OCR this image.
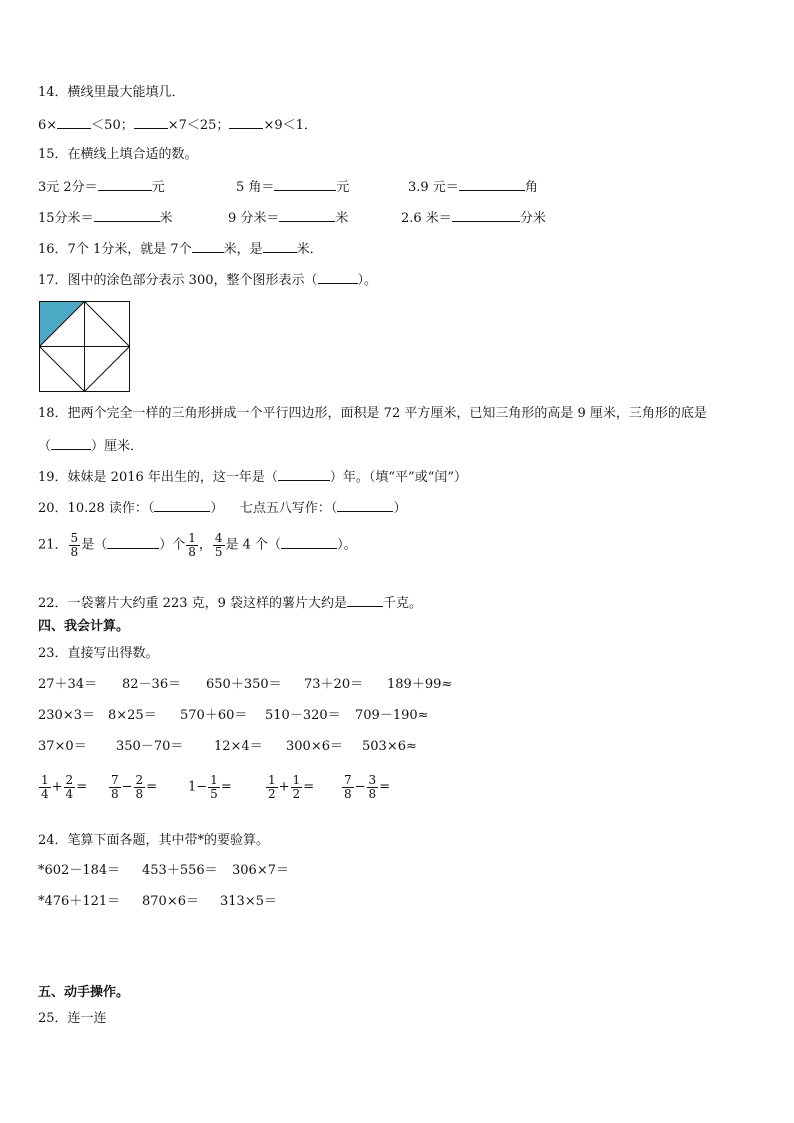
14．横线里最大能填几．
6×	＜50；	×7＜25；	×9＜1．
15．在横线上填合适的数。
3元 2分＝	元	5 角＝	元	3.9 元＝	角
15分米＝	米	9 分米＝	米	2.6 米＝	分米
16．7个 1分米，就是 7个 米，是	米．
17．图中的涂色部分表示 300，整个图形表示（	）。
18．把两个完全一样的三角形拼成一个平行四边形，面积是 72 平方厘米，已知三角形的高是 9 厘米，三角形的底是
（	）厘米．
19．妹妹是 2016 年出生的，这一年是（	）年。（填“平”或“闰”）
20．10.28 读作：（	）    七点五八写作：（	）
21． $\frac{5}{8}$ 是（	）个 $\frac{1}{8}$ ， $\frac{4}{5}$ 是 4 个（	）。
22．一袋薯片大约重 223 克，9 袋这样的薯片大约是	千克。
四、我会计算。
23．直接写出得数。
27＋34＝ 82－36＝ 650＋350＝ 73＋20＝ 189＋99≈
230×3＝ 8×25＝ 570＋60＝ 510－320＝ 709－190≈
37×0＝ 350－70＝ 12×4＝ 300×6＝ 503×6≈
$\frac{1}{4} + \frac{2}{4} = \frac{7}{8} - \frac{2}{8} = 1- \frac{1}{5}$ =	$\frac{1}{2} + \frac{1}{2} = \frac{7}{8} - \frac{3}{8}$ =
24．笔算下面各题，其中带*的要验算。
*602－184＝ 453＋556＝ 306×7＝
*476＋121＝ 870×6＝ 313×5＝
五、动手操作。
25．连一连
